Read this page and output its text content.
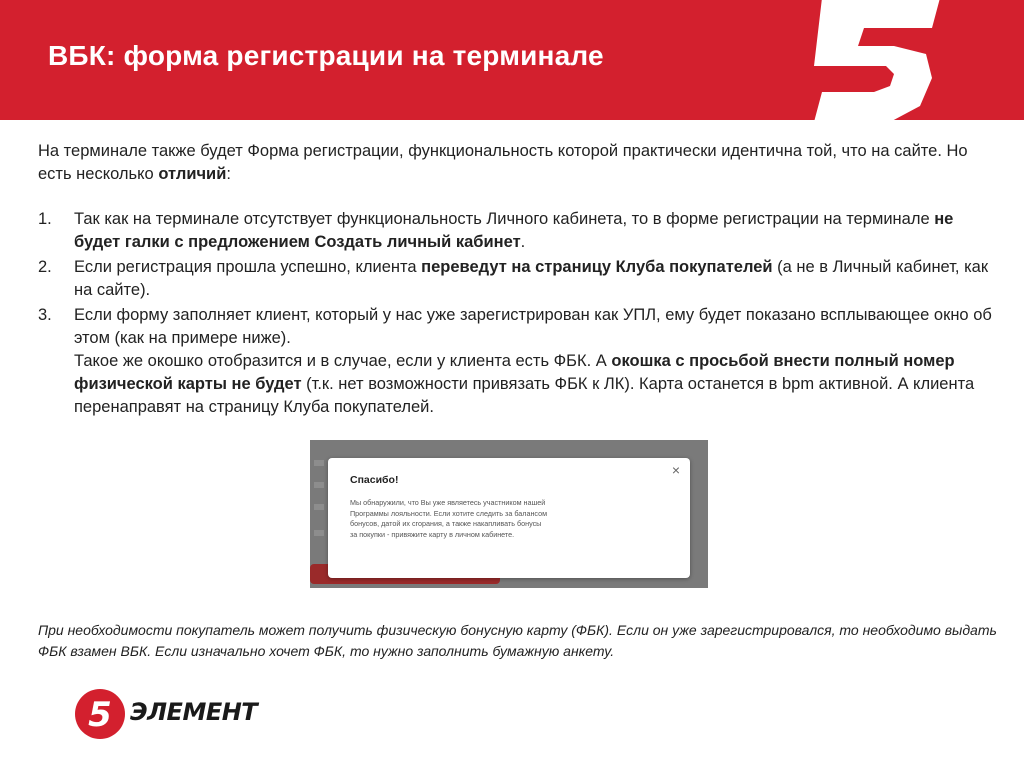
ВБК: форма регистрации на терминале

На терминале также будет Форма регистрации, функциональность которой практически идентична той, что на сайте. Но есть несколько отличий:

1. Так как на терминале отсутствует функциональность Личного кабинета, то в форме регистрации на терминале не будет галки с предложением Создать личный кабинет.
2. Если регистрация прошла успешно, клиента переведут на страницу Клуба покупателей (а не в Личный кабинет, как на сайте).
3. Если форму заполняет клиент, который у нас уже зарегистрирован как УПЛ, ему будет показано всплывающее окно об этом (как на примере ниже).
Такое же окошко отобразится и в случае, если у клиента есть ФБК. А окошка с просьбой внести полный номер физической карты не будет (т.к. нет возможности привязать ФБК к ЛК). Карта останется в bpm активной. А клиента перенаправят на страницу Клуба покупателей.
×
Спасибо!
Мы обнаружили, что Вы уже являетесь участником нашей Программы лояльности. Если хотите следить за балансом бонусов, датой их сгорания, а также накапливать бонусы за покупки - привяжите карту в личном кабинете.
При необходимости покупатель может получить физическую бонусную карту (ФБК). Если он уже зарегистрировался, то необходимо выдать ФБК взамен ВБК. Если изначально хочет ФБК, то нужно заполнить бумажную анкету.
5 ЭЛЕМЕНТ
